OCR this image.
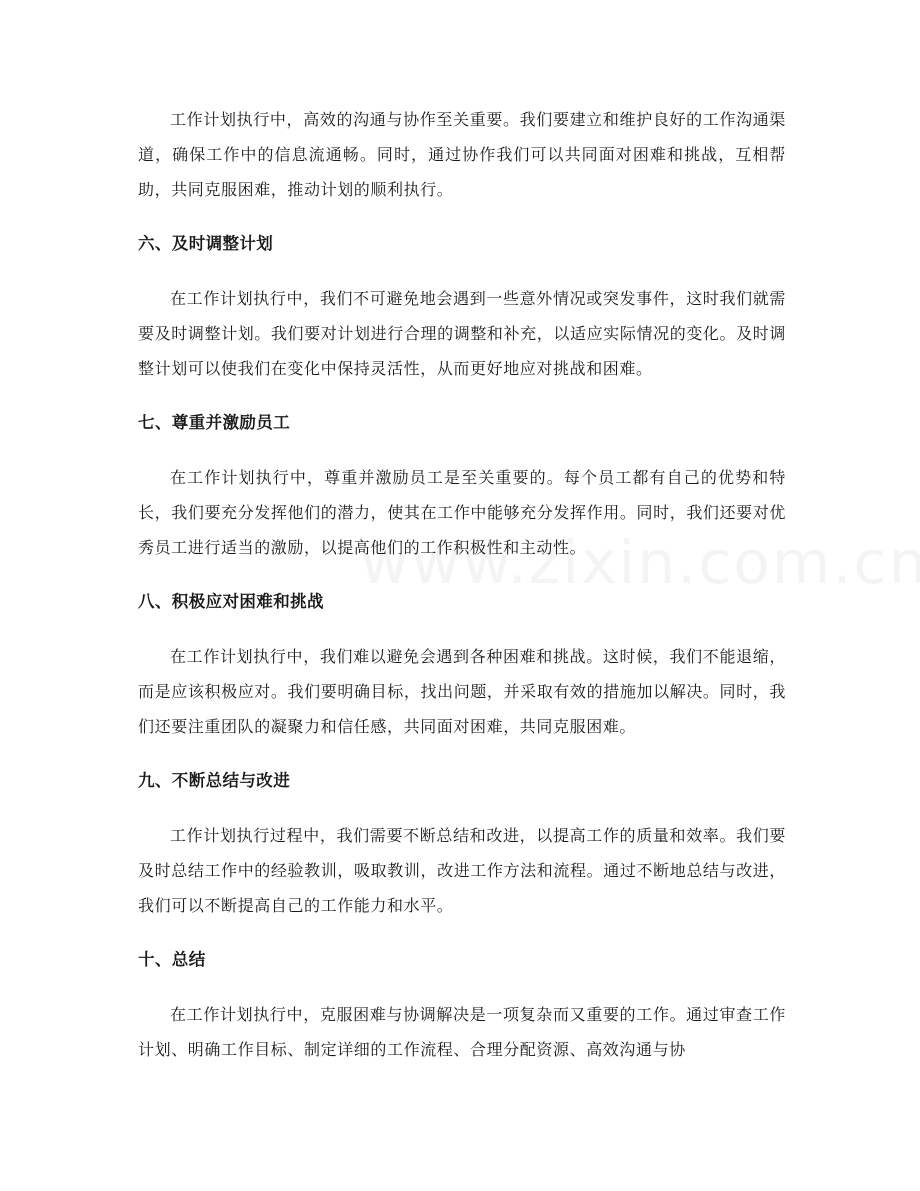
工作计划执行中，高效的沟通与协作至关重要。我们要建立和维护良好的工作沟通渠道，确保工作中的信息流通畅。同时，通过协作我们可以共同面对困难和挑战，互相帮助，共同克服困难，推动计划的顺利执行。

六、及时调整计划

在工作计划执行中，我们不可避免地会遇到一些意外情况或突发事件，这时我们就需要及时调整计划。我们要对计划进行合理的调整和补充，以适应实际情况的变化。及时调整计划可以使我们在变化中保持灵活性，从而更好地应对挑战和困难。

七、尊重并激励员工

在工作计划执行中，尊重并激励员工是至关重要的。每个员工都有自己的优势和特长，我们要充分发挥他们的潜力，使其在工作中能够充分发挥作用。同时，我们还要对优秀员工进行适当的激励，以提高他们的工作积极性和主动性。

八、积极应对困难和挑战

在工作计划执行中，我们难以避免会遇到各种困难和挑战。这时候，我们不能退缩，而是应该积极应对。我们要明确目标，找出问题，并采取有效的措施加以解决。同时，我们还要注重团队的凝聚力和信任感，共同面对困难，共同克服困难。

九、不断总结与改进

工作计划执行过程中，我们需要不断总结和改进，以提高工作的质量和效率。我们要及时总结工作中的经验教训，吸取教训，改进工作方法和流程。通过不断地总结与改进，我们可以不断提高自己的工作能力和水平。

十、总结

在工作计划执行中，克服困难与协调解决是一项复杂而又重要的工作。通过审查工作计划、明确工作目标、制定详细的工作流程、合理分配资源、高效沟通与协
